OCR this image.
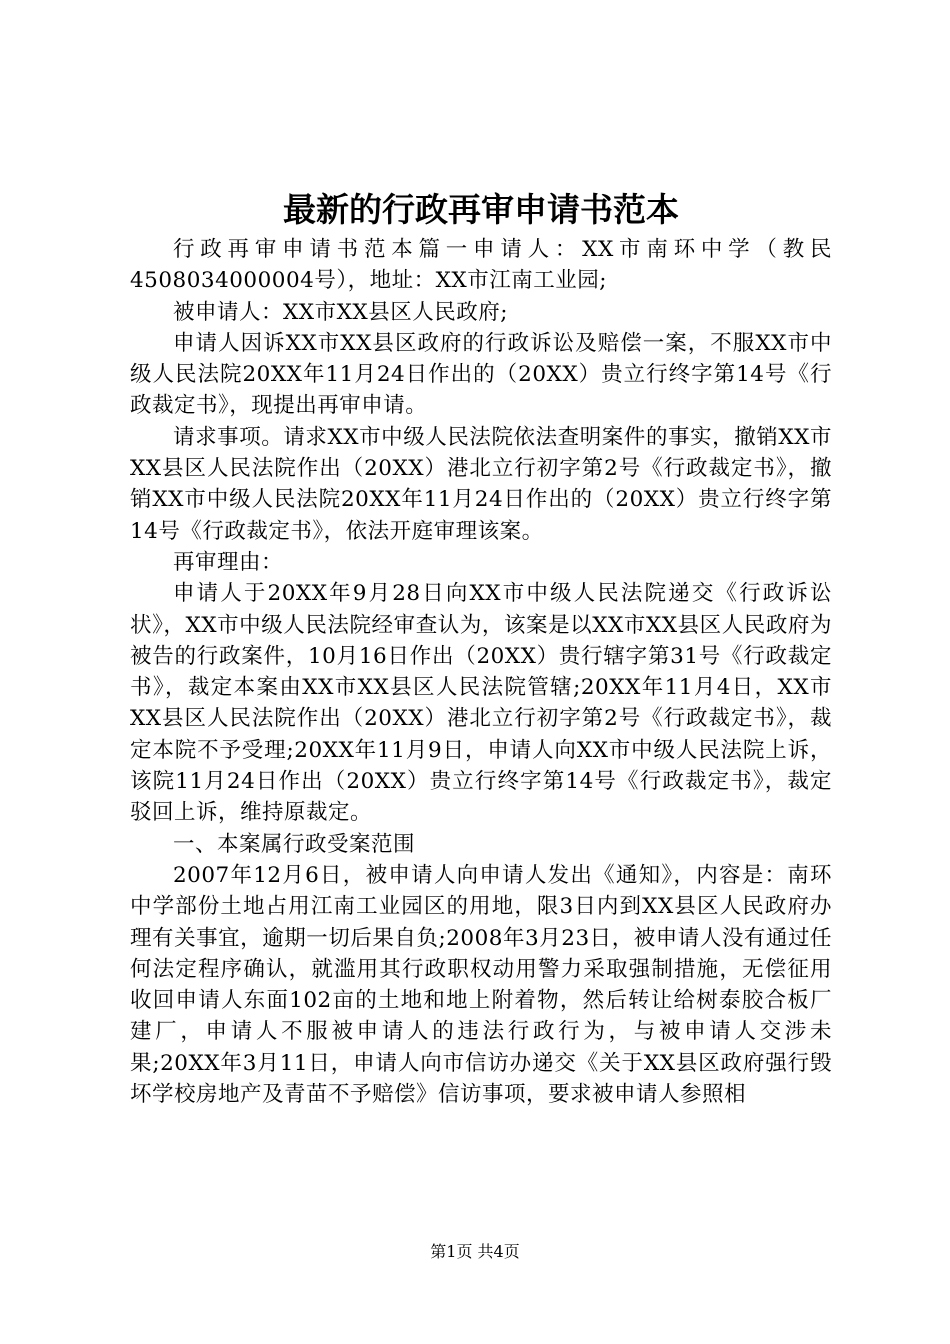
最新的行政再审申请书范本

行政再审申请书范本篇一申请人：XX市南环中学（教民4508034000004号），地址：XX市江南工业园;

被申请人：XX市XX县区人民政府;

申请人因诉XX市XX县区政府的行政诉讼及赔偿一案，不服XX市中级人民法院20XX年11月24日作出的（20XX）贵立行终字第14号《行政裁定书》，现提出再审申请。

请求事项。请求XX市中级人民法院依法查明案件的事实，撤销XX市XX县区人民法院作出（20XX）港北立行初字第2号《行政裁定书》，撤销XX市中级人民法院20XX年11月24日作出的（20XX）贵立行终字第14号《行政裁定书》，依法开庭审理该案。

再审理由：

申请人于20XX年9月28日向XX市中级人民法院递交《行政诉讼状》，XX市中级人民法院经审查认为，该案是以XX市XX县区人民政府为被告的行政案件，10月16日作出（20XX）贵行辖字第31号《行政裁定书》，裁定本案由XX市XX县区人民法院管辖;20XX年11月4日，XX市XX县区人民法院作出（20XX）港北立行初字第2号《行政裁定书》，裁定本院不予受理;20XX年11月9日，申请人向XX市中级人民法院上诉，该院11月24日作出（20XX）贵立行终字第14号《行政裁定书》，裁定驳回上诉，维持原裁定。

一、本案属行政受案范围

2007年12月6日，被申请人向申请人发出《通知》，内容是：南环中学部份土地占用江南工业园区的用地，限3日内到XX县区人民政府办理有关事宜，逾期一切后果自负;2008年3月23日，被申请人没有通过任何法定程序确认，就滥用其行政职权动用警力采取强制措施，无偿征用收回申请人东面102亩的土地和地上附着物，然后转让给树泰胶合板厂建厂，申请人不服被申请人的违法行政行为，与被申请人交涉未果;20XX年3月11日，申请人向市信访办递交《关于XX县区政府强行毁坏学校房地产及青苗不予赔偿》信访事项，要求被申请人参照相

第1页 共4页
